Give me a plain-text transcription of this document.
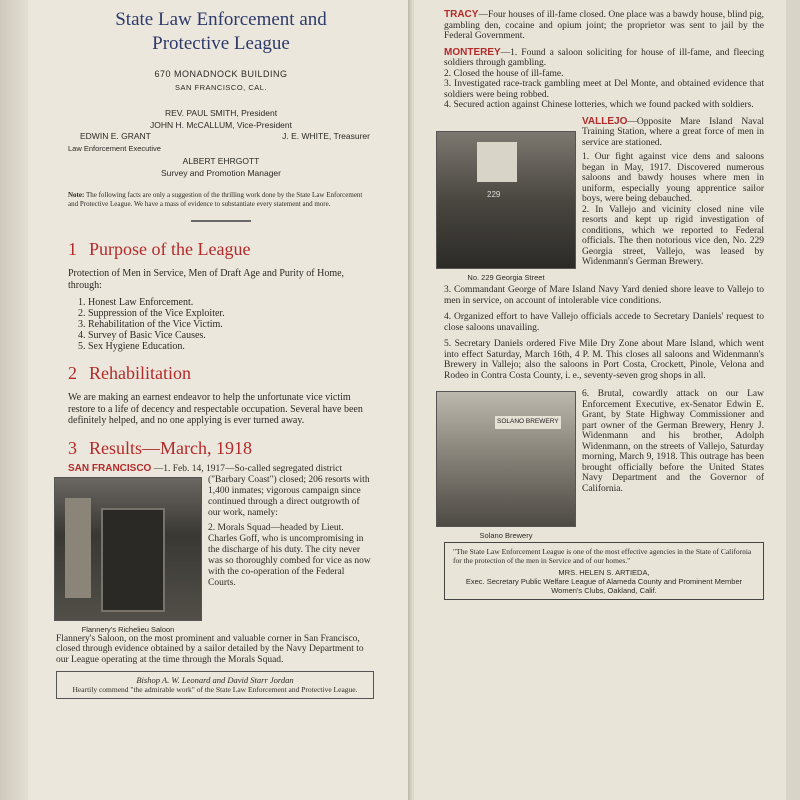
State Law Enforcement and
Protective League
670 MONADNOCK BUILDING
SAN FRANCISCO, CAL.
REV. PAUL SMITH, President
JOHN H. McCALLUM, Vice-President
EDWIN E. GRANT	J. E. WHITE, Treasurer
Law Enforcement Executive
ALBERT EHRGOTT
Survey and Promotion Manager
Note: The following facts are only a suggestion of the thrilling work done by the State Law Enforcement and Protective League. We have a mass of evidence to substantiate every statement and more.
1 Purpose of the League
Protection of Men in Service, Men of Draft Age and Purity of Home, through:
1. Honest Law Enforcement.
2. Suppression of the Vice Exploiter.
3. Rehabilitation of the Vice Victim.
4. Survey of Basic Vice Causes.
5. Sex Hygiene Education.
2 Rehabilitation
We are making an earnest endeavor to help the unfortunate vice victim restore to a life of decency and respectable occupation. Several have been definitely helped, and no one applying is ever turned away.
3 Results—March, 1918
Flannery's Richelieu Saloon
SAN FRANCISCO —1. Feb. 14, 1917—So-called segregated district ("Barbary Coast") closed; 206 resorts with 1,400 inmates; vigorous campaign since continued through a direct outgrowth of our work, namely:
2. Morals Squad—headed by Lieut. Charles Goff, who is uncompromising in the discharge of his duty. The city never was so thoroughly combed for vice as now with the co-operation of the Federal Courts.
Flannery's Saloon, on the most prominent and valuable corner in San Francisco, closed through evidence obtained by a sailor detailed by the Navy Department to our League operating at the time through the Morals Squad.
Bishop A. W. Leonard and David Starr Jordan
Heartily commend "the admirable work" of the State Law Enforcement and Protective League.
TRACY—Four houses of ill-fame closed. One place was a bawdy house, blind pig, gambling den, cocaine and opium joint; the proprietor was sent to jail by the Federal Government.
MONTEREY—1. Found a saloon soliciting for house of ill-fame, and fleecing soldiers through gambling.
2. Closed the house of ill-fame.
3. Investigated race-track gambling meet at Del Monte, and obtained evidence that soldiers were being robbed.
4. Secured action against Chinese lotteries, which we found packed with soldiers.
229
No. 229 Georgia Street
VALLEJO—Opposite Mare Island Naval Training Station, where a great force of men in service are stationed.
1. Our fight against vice dens and saloons began in May, 1917. Discovered numerous saloons and bawdy houses where men in uniform, especially young apprentice sailor boys, were being debauched.
2. In Vallejo and vicinity closed nine vile resorts and kept up rigid investigation of conditions, which we reported to Federal officials. The then notorious vice den, No. 229 Georgia street, Vallejo, was leased by Widenmann's German Brewery.
3. Commandant George of Mare Island Navy Yard denied shore leave to Vallejo to men in service, on account of intolerable vice conditions.
4. Organized effort to have Vallejo officials accede to Secretary Daniels' request to close saloons unavailing.
5. Secretary Daniels ordered Five Mile Dry Zone about Mare Island, which went into effect Saturday, March 16th, 4 P. M. This closes all saloons and Widenmann's Brewery in Vallejo; also the saloons in Port Costa, Crockett, Pinole, Velona and Rodeo in Contra Costa County, i. e., seventy-seven grog shops in all.
SOLANO BREWERY
Solano Brewery
6. Brutal, cowardly attack on our Law Enforcement Executive, ex-Senator Edwin E. Grant, by State Highway Commissioner and part owner of the German Brewery, Henry J. Widenmann and his brother, Adolph Widenmann, on the streets of Vallejo, Saturday morning, March 9, 1918. This outrage has been brought officially before the United States Navy Department and the Governor of California.
"The State Law Enforcement League is one of the most effective agencies in the State of California for the protection of the men in Service and of our homes."
MRS. HELEN S. ARTIEDA,
Exec. Secretary Public Welfare League of Alameda County and Prominent Member Women's Clubs, Oakland, Calif.
